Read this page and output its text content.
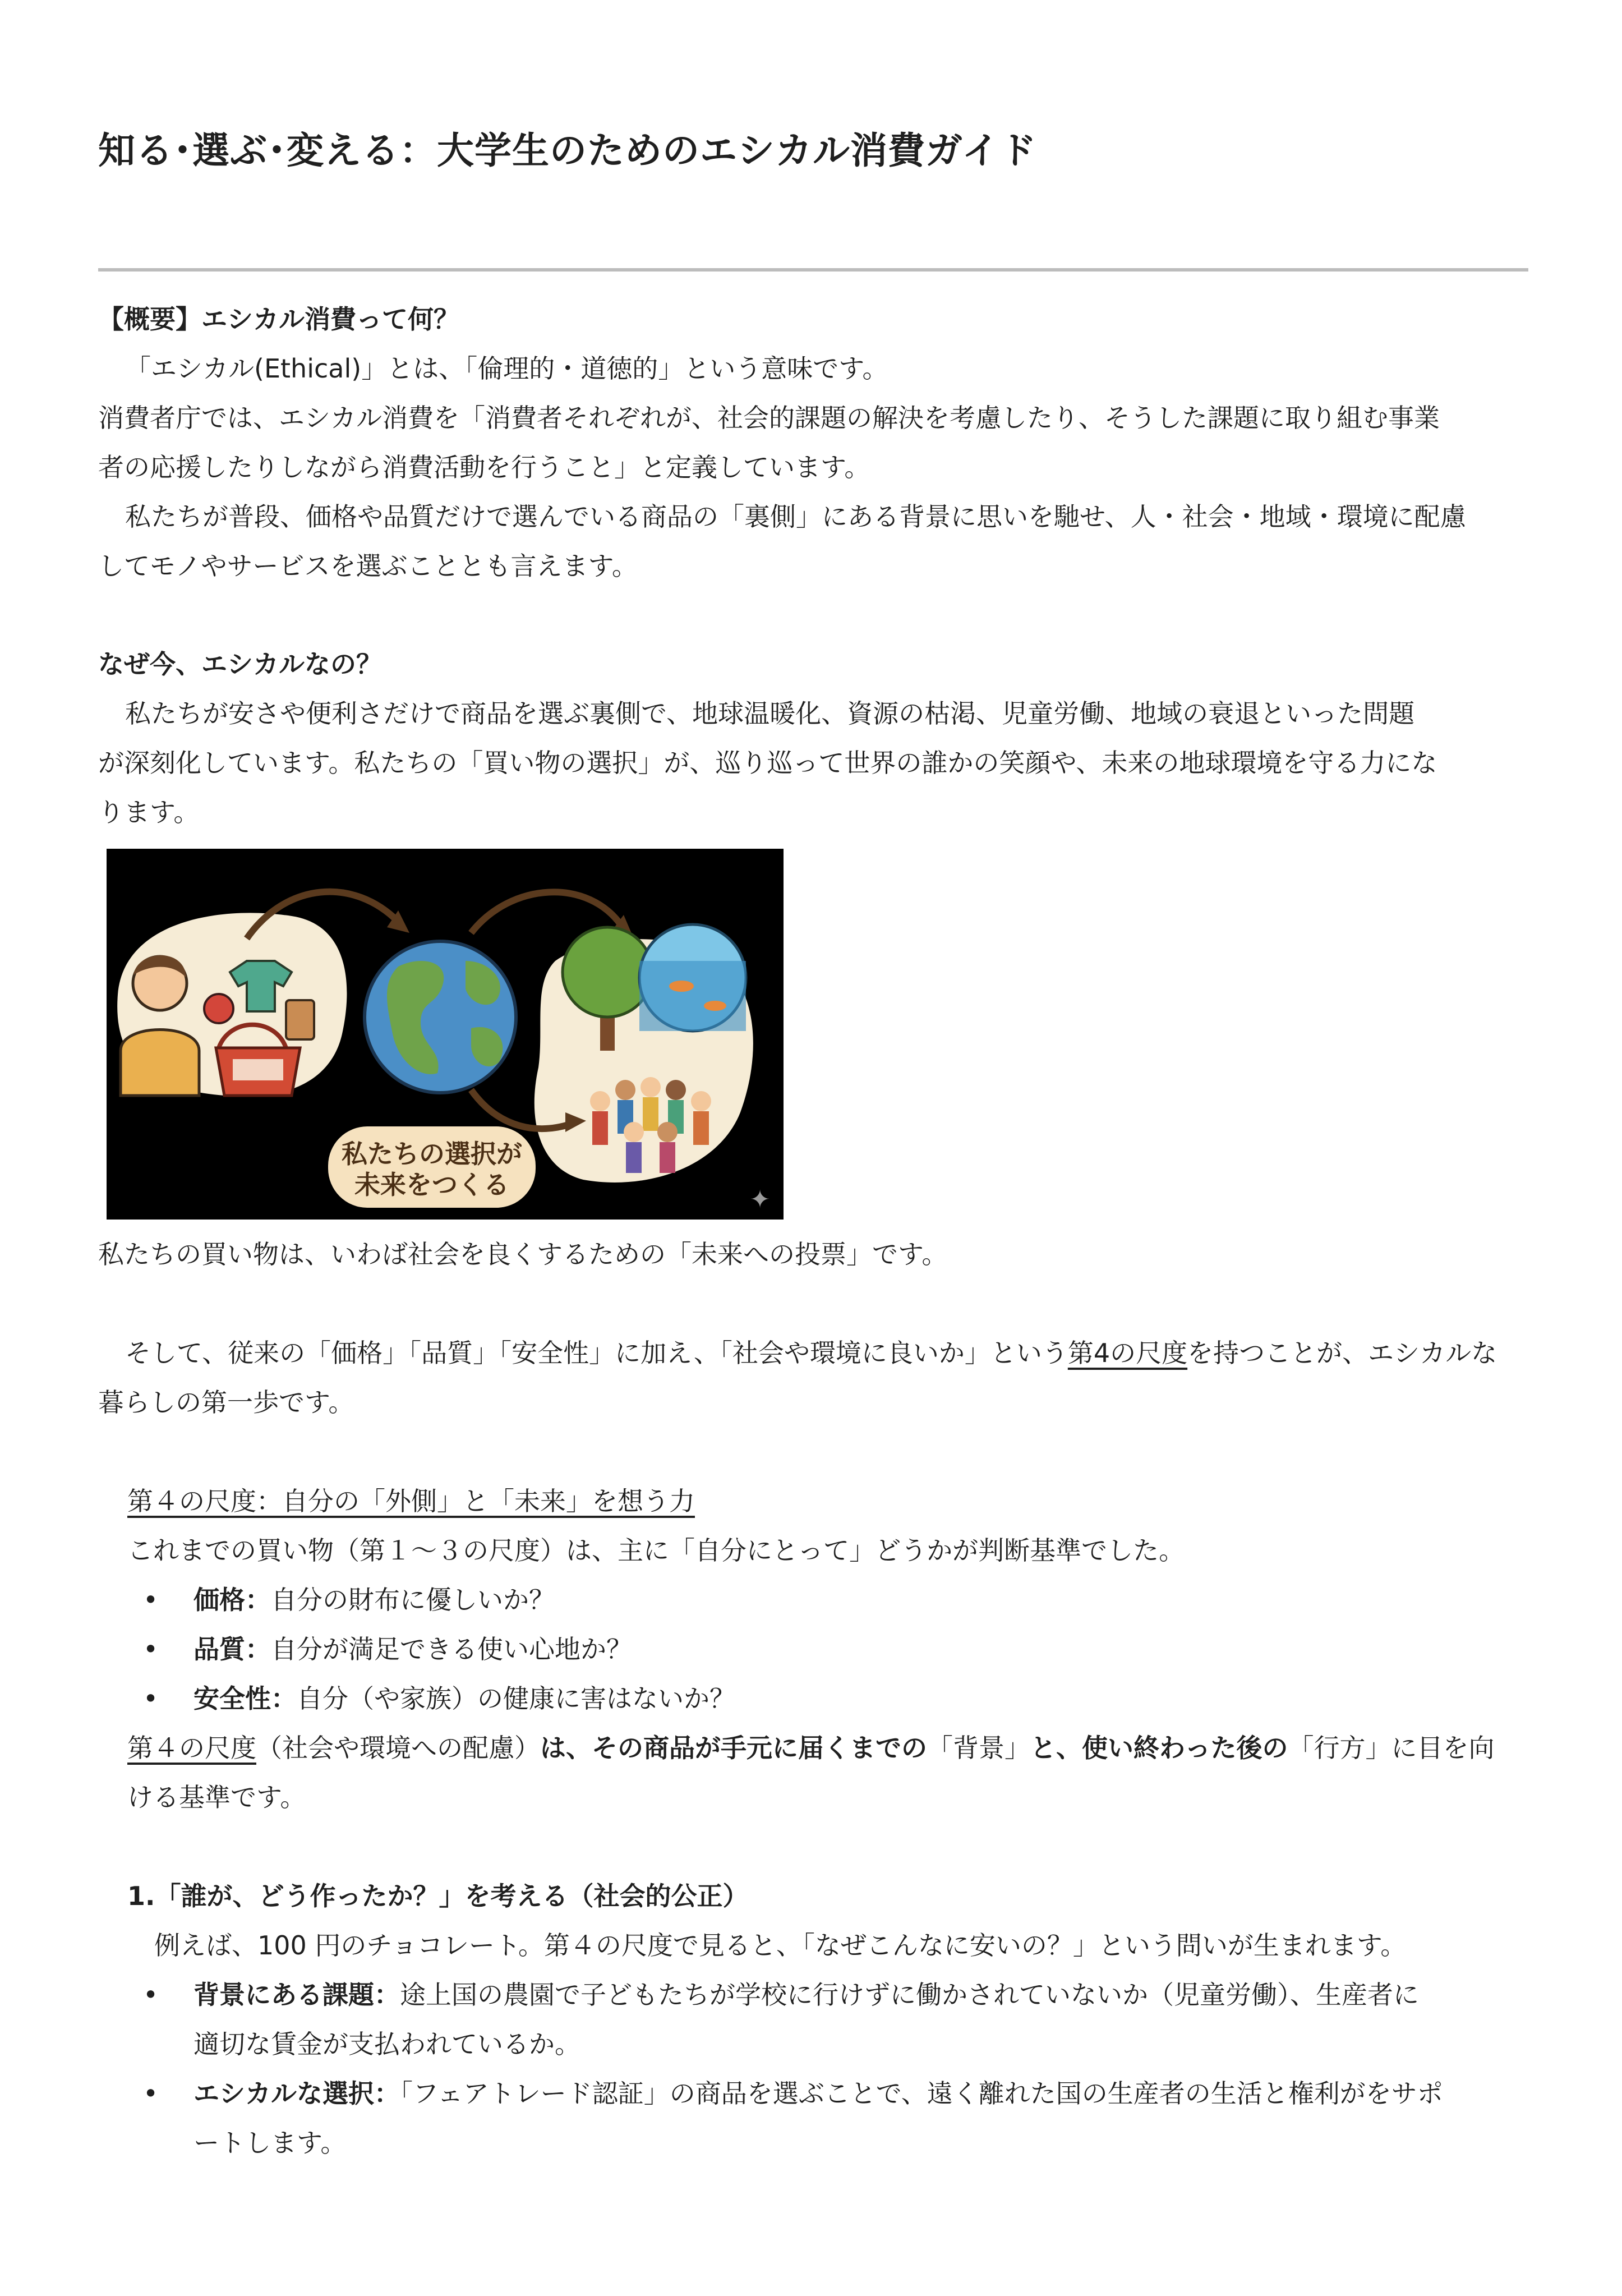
知る･選ぶ･変える：大学生のためのエシカル消費ガイド
【概要】エシカル消費って何？
「エシカル(Ethical)」とは、「倫理的・道徳的」という意味です。
消費者庁では、エシカル消費を「消費者それぞれが、社会的課題の解決を考慮したり、そうした課題に取り組む事業
者の応援したりしながら消費活動を行うこと」と定義しています。
私たちが普段、価格や品質だけで選んでいる商品の「裏側」にある背景に思いを馳せ、人・社会・地域・環境に配慮
してモノやサービスを選ぶこととも言えます。
なぜ今、エシカルなの？
私たちが安さや便利さだけで商品を選ぶ裏側で、地球温暖化、資源の枯渇、児童労働、地域の衰退といった問題
が深刻化しています。私たちの「買い物の選択」が、巡り巡って世界の誰かの笑顔や、未来の地球環境を守る力にな
ります。
私たちの選択が
未来をつくる	✦
私たちの買い物は、いわば社会を良くするための「未来への投票」です。
そして、従来の「価格」「品質」「安全性」に加え、「社会や環境に良いか」という第4の尺度を持つことが、エシカルな
暮らしの第一歩です。
第４の尺度：自分の「外側」と「未来」を想う力
これまでの買い物（第１～３の尺度）は、主に「自分にとって」どうかが判断基準でした。
• 価格：自分の財布に優しいか？
• 品質：自分が満足できる使い心地か？
• 安全性：自分（や家族）の健康に害はないか？
第４の尺度（社会や環境への配慮）は、その商品が手元に届くまでの「背景」と、使い終わった後の「行方」に目を向
ける基準です。
1.「誰が、どう作ったか？」を考える（社会的公正）
例えば、100 円のチョコレート。第４の尺度で見ると、「なぜこんなに安いの？」という問いが生まれます。
• 背景にある課題：途上国の農園で子どもたちが学校に行けずに働かされていないか（児童労働）、生産者に
適切な賃金が支払われているか。
• エシカルな選択：「フェアトレード認証」の商品を選ぶことで、遠く離れた国の生産者の生活と権利がをサポ
ートします。
